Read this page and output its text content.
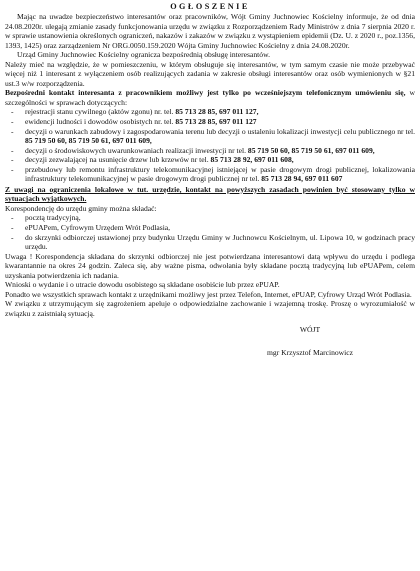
OGŁOSZENIE

Mając na uwadze bezpieczeństwo interesantów oraz pracowników, Wójt Gminy Juchnowiec Kościelny informuje, że od dnia 24.08.2020r. ulegają zmianie zasady funkcjonowania urzędu w związku z Rozporządzeniem Rady Ministrów z dnia 7 sierpnia 2020 r. w sprawie ustanowienia określonych ograniczeń, nakazów i zakazów w związku z wystąpieniem epidemii (Dz. U. z 2020 r., poz.1356, 1393, 1425) oraz zarządzeniem Nr ORG.0050.159.2020 Wójta Gminy Juchnowiec Kościelny z dnia 24.08.2020r.

Urząd Gminy Juchnowiec Kościelny ogranicza bezpośrednią obsługę interesantów.

Należy mieć na względzie, że w pomieszczeniu, w którym obsługuje się interesantów, w tym samym czasie nie może przebywać więcej niż 1 interesant z wyłączeniem osób realizujących zadania w zakresie obsługi interesantów oraz osób wymienionych w §21 ust.3 w/w rozporządzenia.

Bezpośredni kontakt interesanta z pracownikiem możliwy jest tylko po wcześniejszym telefonicznym umówieniu się, w szczególności w sprawach dotyczących:

- rejestracji stanu cywilnego (aktów zgonu) nr. tel. 85 713 28 85, 697 011 127,
- ewidencji ludności i dowodów osobistych nr. tel. 85 713 28 85, 697 011 127
- decyzji o warunkach zabudowy i zagospodarowania terenu lub decyzji o ustaleniu lokalizacji inwestycji celu publicznego nr tel. 85 719 50 60, 85 719 50 61, 697 011 609,
- decyzji o środowiskowych uwarunkowaniach realizacji inwestycji nr tel. 85 719 50 60, 85 719 50 61, 697 011 609,
- decyzji zezwalającej na usunięcie drzew lub krzewów nr tel. 85 713 28 92, 697 011 608,
- przebudowy lub remontu infrastruktury telekomunikacyjnej istniejącej w pasie drogowym drogi publicznej, lokalizowania infrastruktury telekomunikacyjnej w pasie drogowym drogi publicznej nr tel. 85 713 28 94, 697 011 607

Z uwagi na ograniczenia lokalowe w tut. urzędzie, kontakt na powyższych zasadach powinien być stosowany tylko w sytuacjach wyjątkowych.

Korespondencję do urzędu gminy można składać:

- pocztą tradycyjną,
- ePUAPem, Cyfrowym Urzędem Wrót Podlasia,
- do skrzynki odbiorczej ustawionej przy budynku Urzędu Gminy w Juchnowcu Kościelnym, ul. Lipowa 10, w godzinach pracy urzędu.

Uwaga ! Korespondencja składana do skrzynki odbiorczej nie jest potwierdzana interesantowi datą wpływu do urzędu i podlega kwarantannie na okres 24 godzin. Zaleca się, aby ważne pisma, odwołania były składane pocztą tradycyjną lub ePUAPem, celem uzyskania potwierdzenia ich nadania.

Wnioski o wydanie i o utracie dowodu osobistego są składane osobiście lub przez ePUAP.

Ponadto we wszystkich sprawach kontakt z urzędnikami możliwy jest przez Telefon, Internet, ePUAP, Cyfrowy Urząd Wrót Podlasia.

W związku z utrzymującym się zagrożeniem apeluje o odpowiedzialne zachowanie i wzajemną troskę. Proszę o wyrozumiałość w związku z zaistniałą sytuacją.

WÓJT
mgr Krzysztof Marcinowicz
